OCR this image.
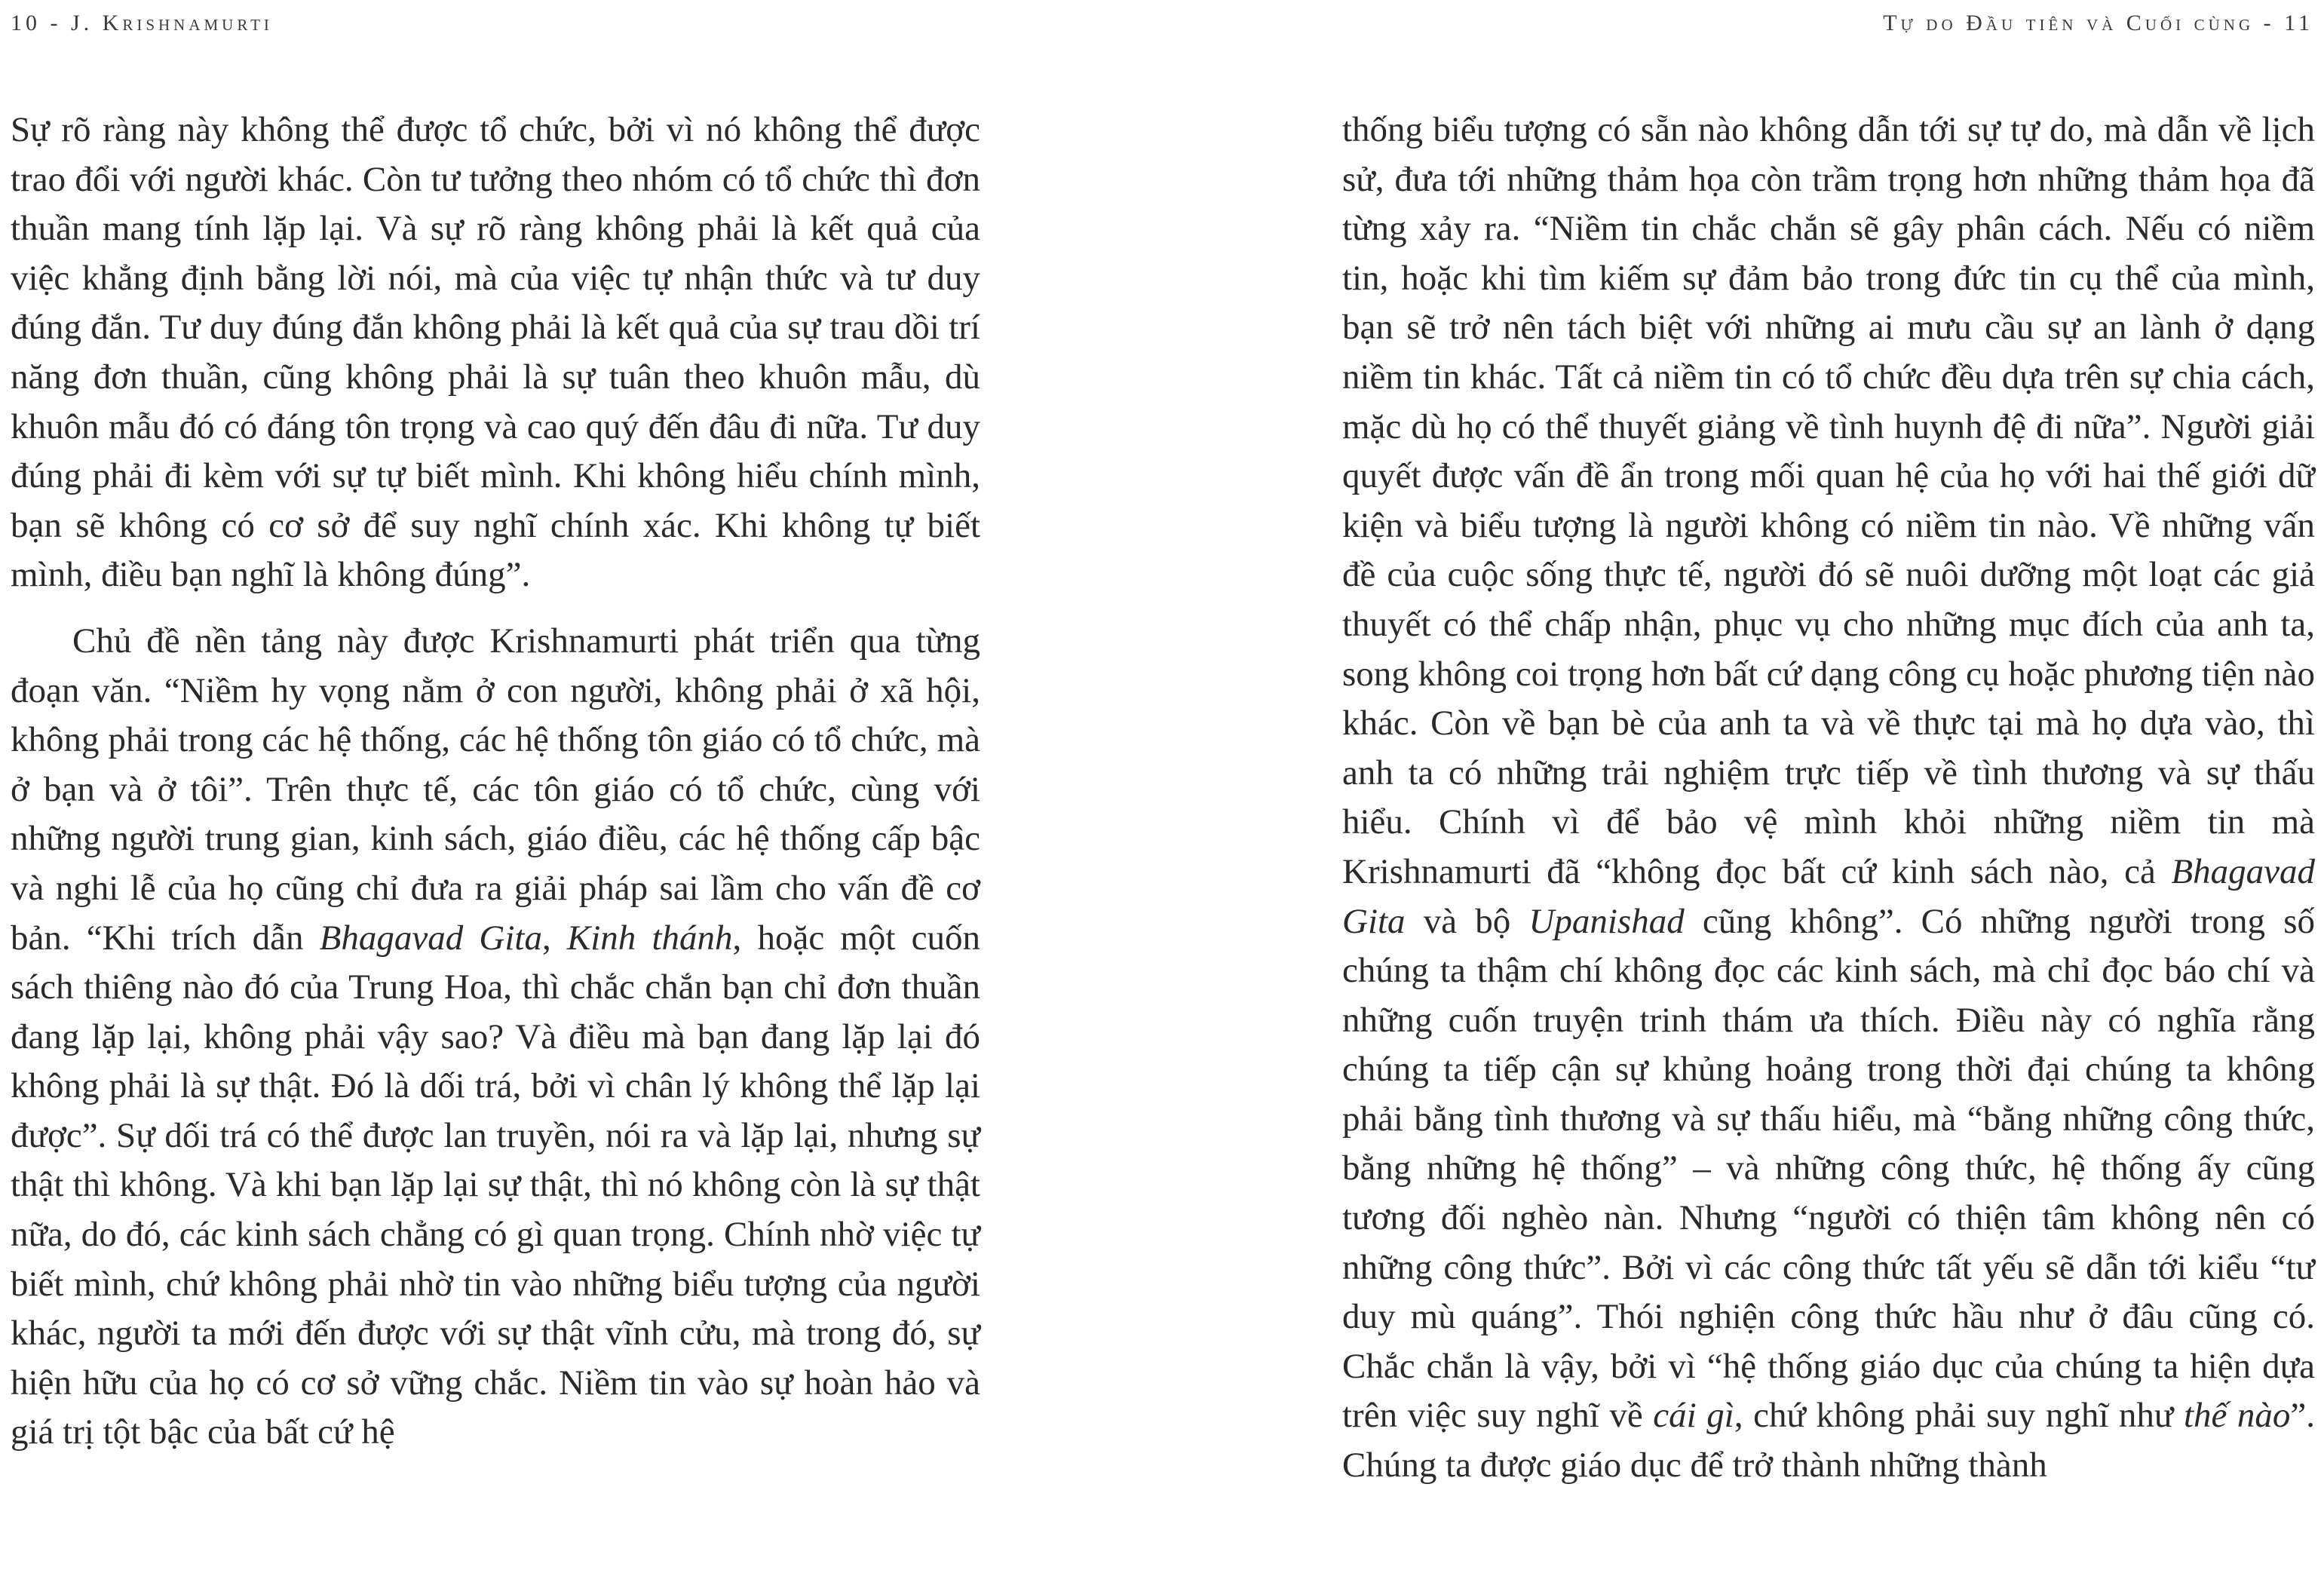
10 - J. Krishnamurti

Sự rõ ràng này không thể được tổ chức, bởi vì nó không thể được trao đổi với người khác. Còn tư tưởng theo nhóm có tổ chức thì đơn thuần mang tính lặp lại. Và sự rõ ràng không phải là kết quả của việc khẳng định bằng lời nói, mà của việc tự nhận thức và tư duy đúng đắn. Tư duy đúng đắn không phải là kết quả của sự trau dồi trí năng đơn thuần, cũng không phải là sự tuân theo khuôn mẫu, dù khuôn mẫu đó có đáng tôn trọng và cao quý đến đâu đi nữa. Tư duy đúng phải đi kèm với sự tự biết mình. Khi không hiểu chính mình, bạn sẽ không có cơ sở để suy nghĩ chính xác. Khi không tự biết mình, điều bạn nghĩ là không đúng”.

Chủ đề nền tảng này được Krishnamurti phát triển qua từng đoạn văn. “Niềm hy vọng nằm ở con người, không phải ở xã hội, không phải trong các hệ thống, các hệ thống tôn giáo có tổ chức, mà ở bạn và ở tôi”. Trên thực tế, các tôn giáo có tổ chức, cùng với những người trung gian, kinh sách, giáo điều, các hệ thống cấp bậc và nghi lễ của họ cũng chỉ đưa ra giải pháp sai lầm cho vấn đề cơ bản. “Khi trích dẫn Bhagavad Gita, Kinh thánh, hoặc một cuốn sách thiêng nào đó của Trung Hoa, thì chắc chắn bạn chỉ đơn thuần đang lặp lại, không phải vậy sao? Và điều mà bạn đang lặp lại đó không phải là sự thật. Đó là dối trá, bởi vì chân lý không thể lặp lại được”. Sự dối trá có thể được lan truyền, nói ra và lặp lại, nhưng sự thật thì không. Và khi bạn lặp lại sự thật, thì nó không còn là sự thật nữa, do đó, các kinh sách chẳng có gì quan trọng. Chính nhờ việc tự biết mình, chứ không phải nhờ tin vào những biểu tượng của người khác, người ta mới đến được với sự thật vĩnh cửu, mà trong đó, sự hiện hữu của họ có cơ sở vững chắc. Niềm tin vào sự hoàn hảo và giá trị tột bậc của bất cứ hệ

Tự do Đầu tiên và Cuối cùng - 11

thống biểu tượng có sẵn nào không dẫn tới sự tự do, mà dẫn về lịch sử, đưa tới những thảm họa còn trầm trọng hơn những thảm họa đã từng xảy ra. “Niềm tin chắc chắn sẽ gây phân cách. Nếu có niềm tin, hoặc khi tìm kiếm sự đảm bảo trong đức tin cụ thể của mình, bạn sẽ trở nên tách biệt với những ai mưu cầu sự an lành ở dạng niềm tin khác. Tất cả niềm tin có tổ chức đều dựa trên sự chia cách, mặc dù họ có thể thuyết giảng về tình huynh đệ đi nữa”. Người giải quyết được vấn đề ẩn trong mối quan hệ của họ với hai thế giới dữ kiện và biểu tượng là người không có niềm tin nào. Về những vấn đề của cuộc sống thực tế, người đó sẽ nuôi dưỡng một loạt các giả thuyết có thể chấp nhận, phục vụ cho những mục đích của anh ta, song không coi trọng hơn bất cứ dạng công cụ hoặc phương tiện nào khác. Còn về bạn bè của anh ta và về thực tại mà họ dựa vào, thì anh ta có những trải nghiệm trực tiếp về tình thương và sự thấu hiểu. Chính vì để bảo vệ mình khỏi những niềm tin mà Krishnamurti đã “không đọc bất cứ kinh sách nào, cả Bhagavad Gita và bộ Upanishad cũng không”. Có những người trong số chúng ta thậm chí không đọc các kinh sách, mà chỉ đọc báo chí và những cuốn truyện trinh thám ưa thích. Điều này có nghĩa rằng chúng ta tiếp cận sự khủng hoảng trong thời đại chúng ta không phải bằng tình thương và sự thấu hiểu, mà “bằng những công thức, bằng những hệ thống” – và những công thức, hệ thống ấy cũng tương đối nghèo nàn. Nhưng “người có thiện tâm không nên có những công thức”. Bởi vì các công thức tất yếu sẽ dẫn tới kiểu “tư duy mù quáng”. Thói nghiện công thức hầu như ở đâu cũng có. Chắc chắn là vậy, bởi vì “hệ thống giáo dục của chúng ta hiện dựa trên việc suy nghĩ về cái gì, chứ không phải suy nghĩ như thế nào”. Chúng ta được giáo dục để trở thành những thành
